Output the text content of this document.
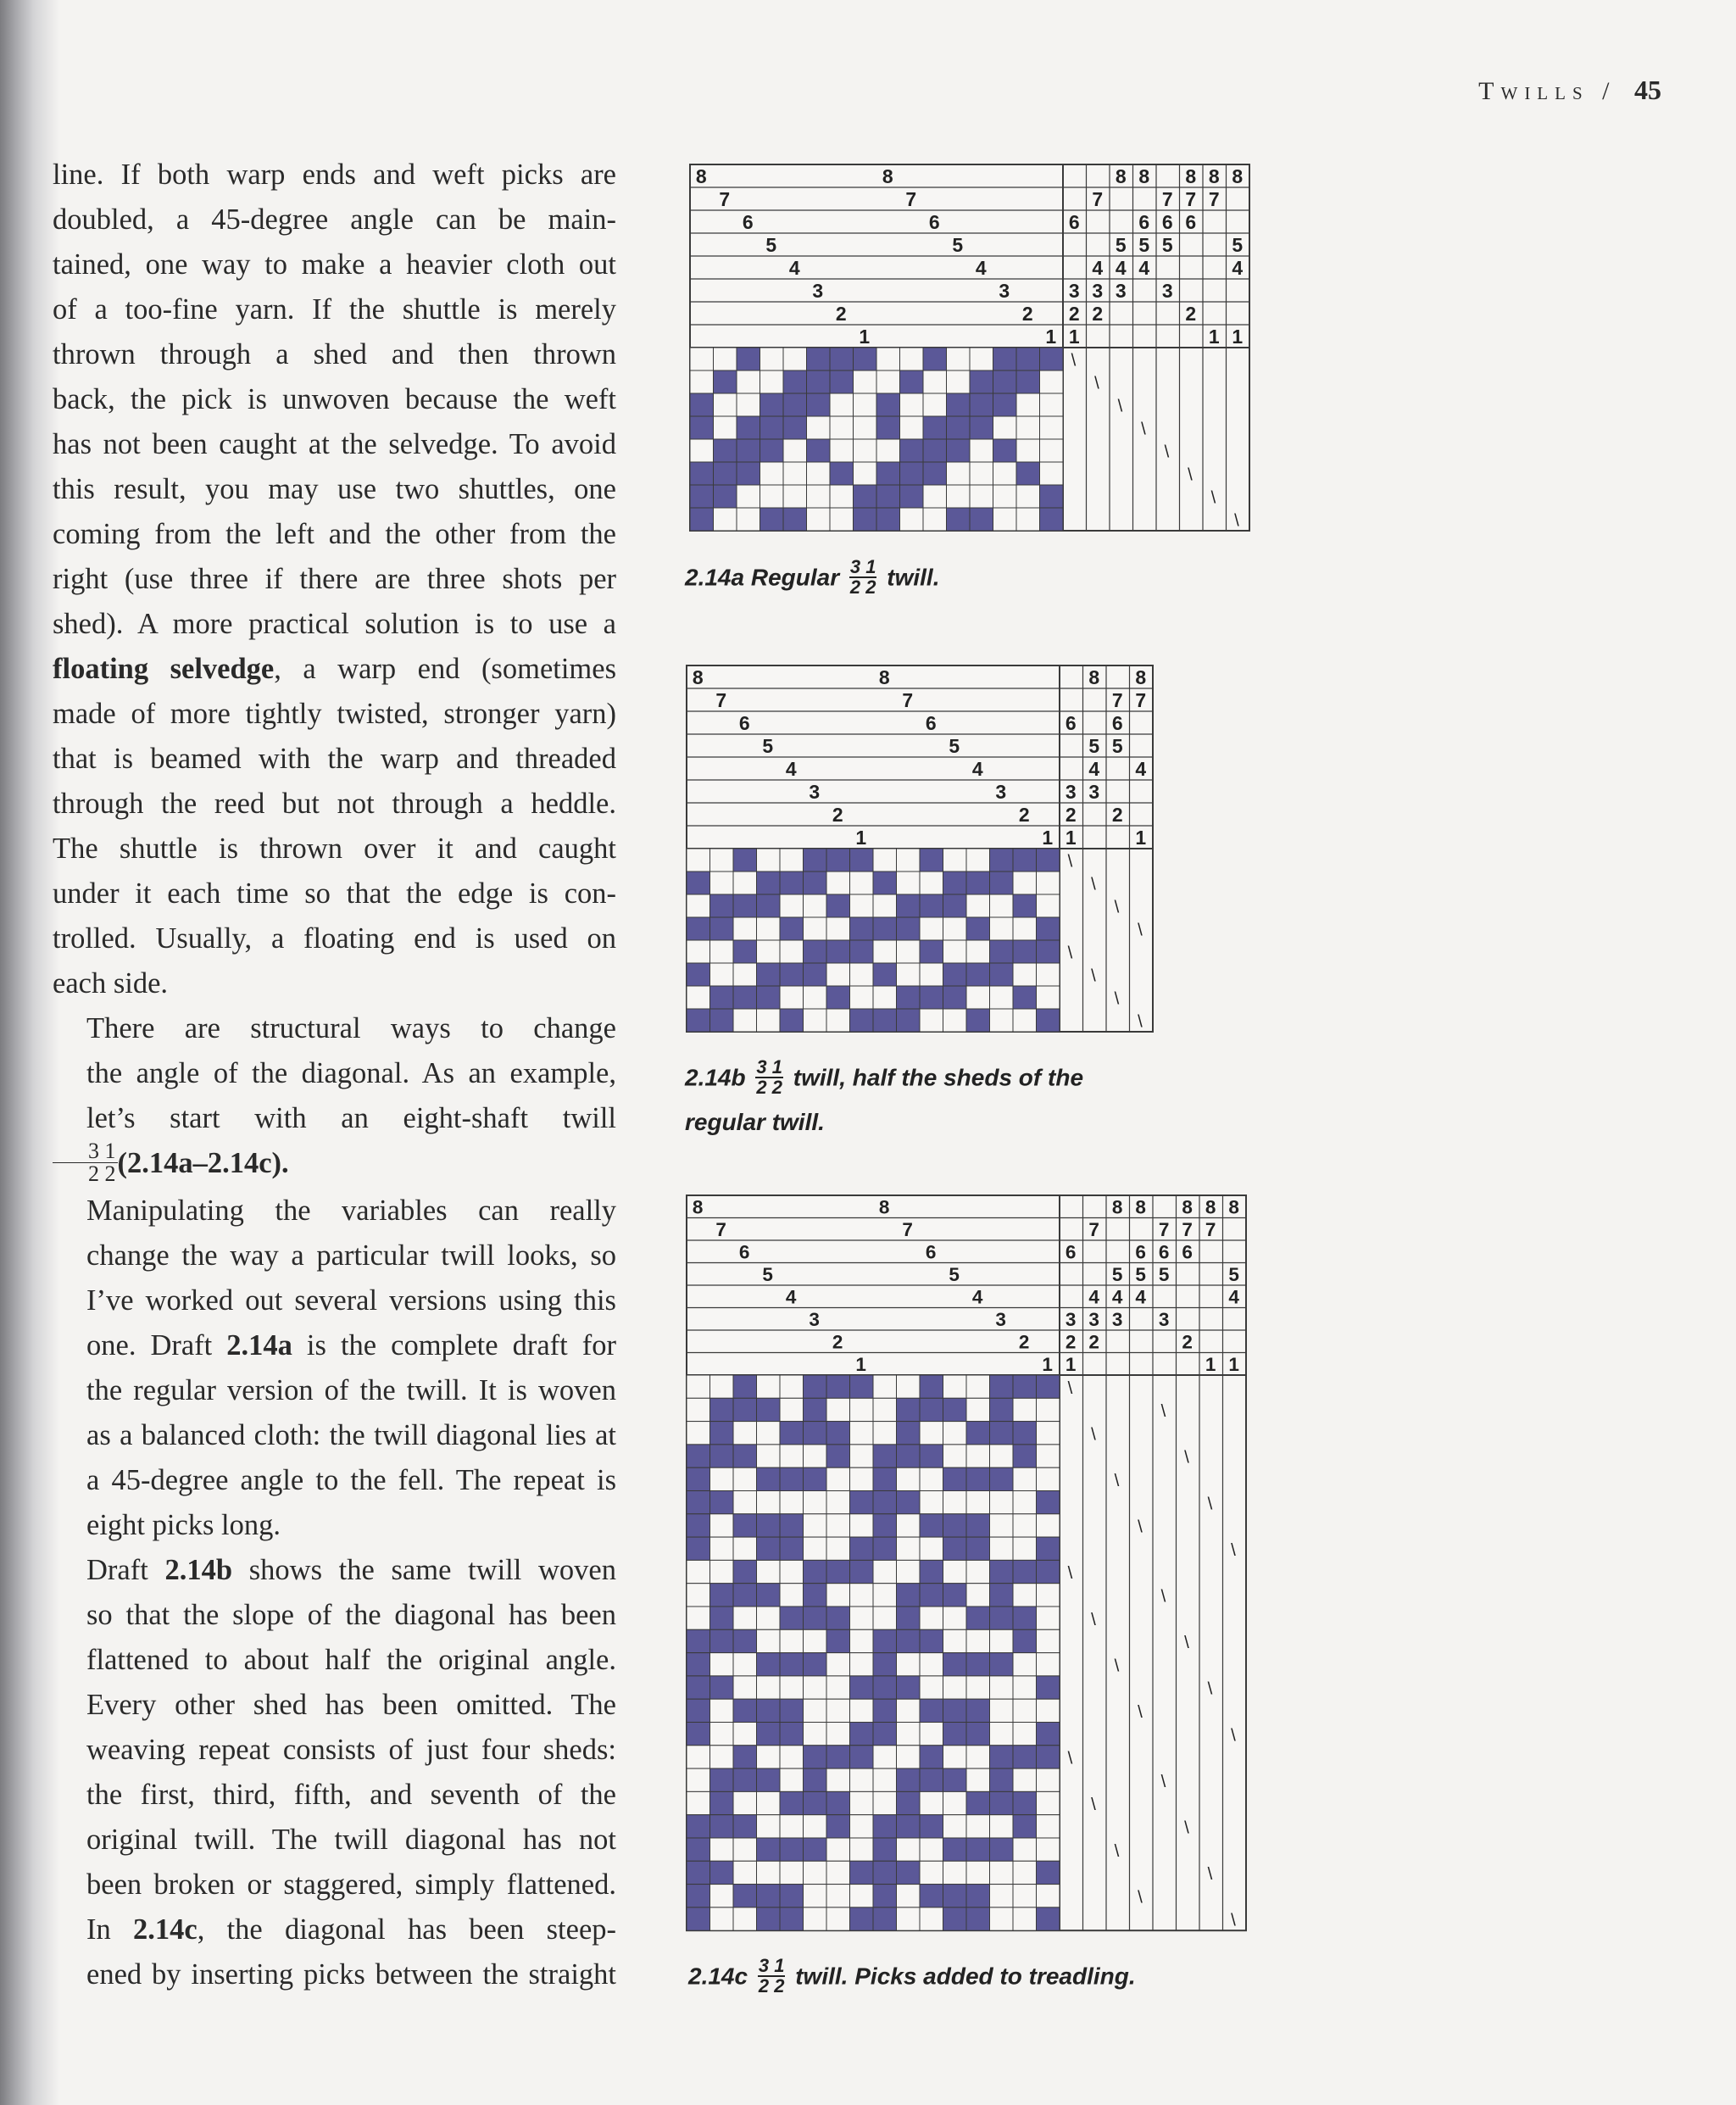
Twills / 45

line. If both warp ends and weft picks are
doubled, a 45-degree angle can be main-
tained, one way to make a heavier cloth out
of a too-fine yarn. If the shuttle is merely
thrown through a shed and then thrown
back, the pick is unwoven because the weft
has not been caught at the selvedge. To avoid
this result, you may use two shuttles, one
coming from the left and the other from the
right (use three if there are three shots per
shed). A more practical solution is to use a
floating selvedge, a warp end (sometimes
made of more tightly twisted, stronger yarn)
that is beamed with the warp and threaded
through the reed but not through a heddle.
The shuttle is thrown over it and caught
under it each time so that the edge is con-
trolled. Usually, a floating end is used on
each side.

There are structural ways to change
the angle of the diagonal. As an example,
let’s start with an eight-shaft twill
$\frac{3 1}{2 2} (2.14a-2.14c)$.

Manipulating the variables can really
change the way a particular twill looks, so
I’ve worked out several versions using this
one. Draft 2.14a is the complete draft for
the regular version of the twill. It is woven
as a balanced cloth: the twill diagonal lies at
a 45-degree angle to the fell. The repeat is
eight picks long.

Draft 2.14b shows the same twill woven
so that the slope of the diagonal has been
flattened to about half the original angle.
Every other shed has been omitted. The
weaving repeat consists of just four sheds:
the first, third, fifth, and seventh of the
original twill. The twill diagonal has not
been broken or staggered, simply flattened.

In 2.14c, the diagonal has been steep-
ened by inserting picks between the straight

8
7
6
5
4
3
2
1
8
7
6
5
4
3
2
1
6
3
2
1
7
4
3
2
8
5
4
3
6
5
4
8
7
6
5
3
8
7
6
2
8
7
1
8
5
4
1
\
\
\
\
\
\
\
\
2.14a Regular $\frac{3 1}{2 2}$ twill.
8
7
6
5
4
3
2
1
8
7
6
5
4
3
2
1
6
3
2
1
8
5
4
3
7
6
5
2
8
7
4
1
\
\
\
\
\
\
\
\
$2.14b \frac{3 1}{2 2}$ twill, half the sheds of the
regular twill.
8
7
6
5
4
3
2
1
8
7
6
5
4
3
2
1
6
3
2
1
7
4
3
2
8
5
4
3
6
5
4
8
7
6
5
3
8
7
6
2
8
7
1
8
5
4
1
\
\
\
\
\
\
\
\
\
\
\
\
\
\
\
\
\
\
\
\
\
\
\
\
$2.14c \frac{3 1}{2 2}$ twill. Picks added to treadling.
